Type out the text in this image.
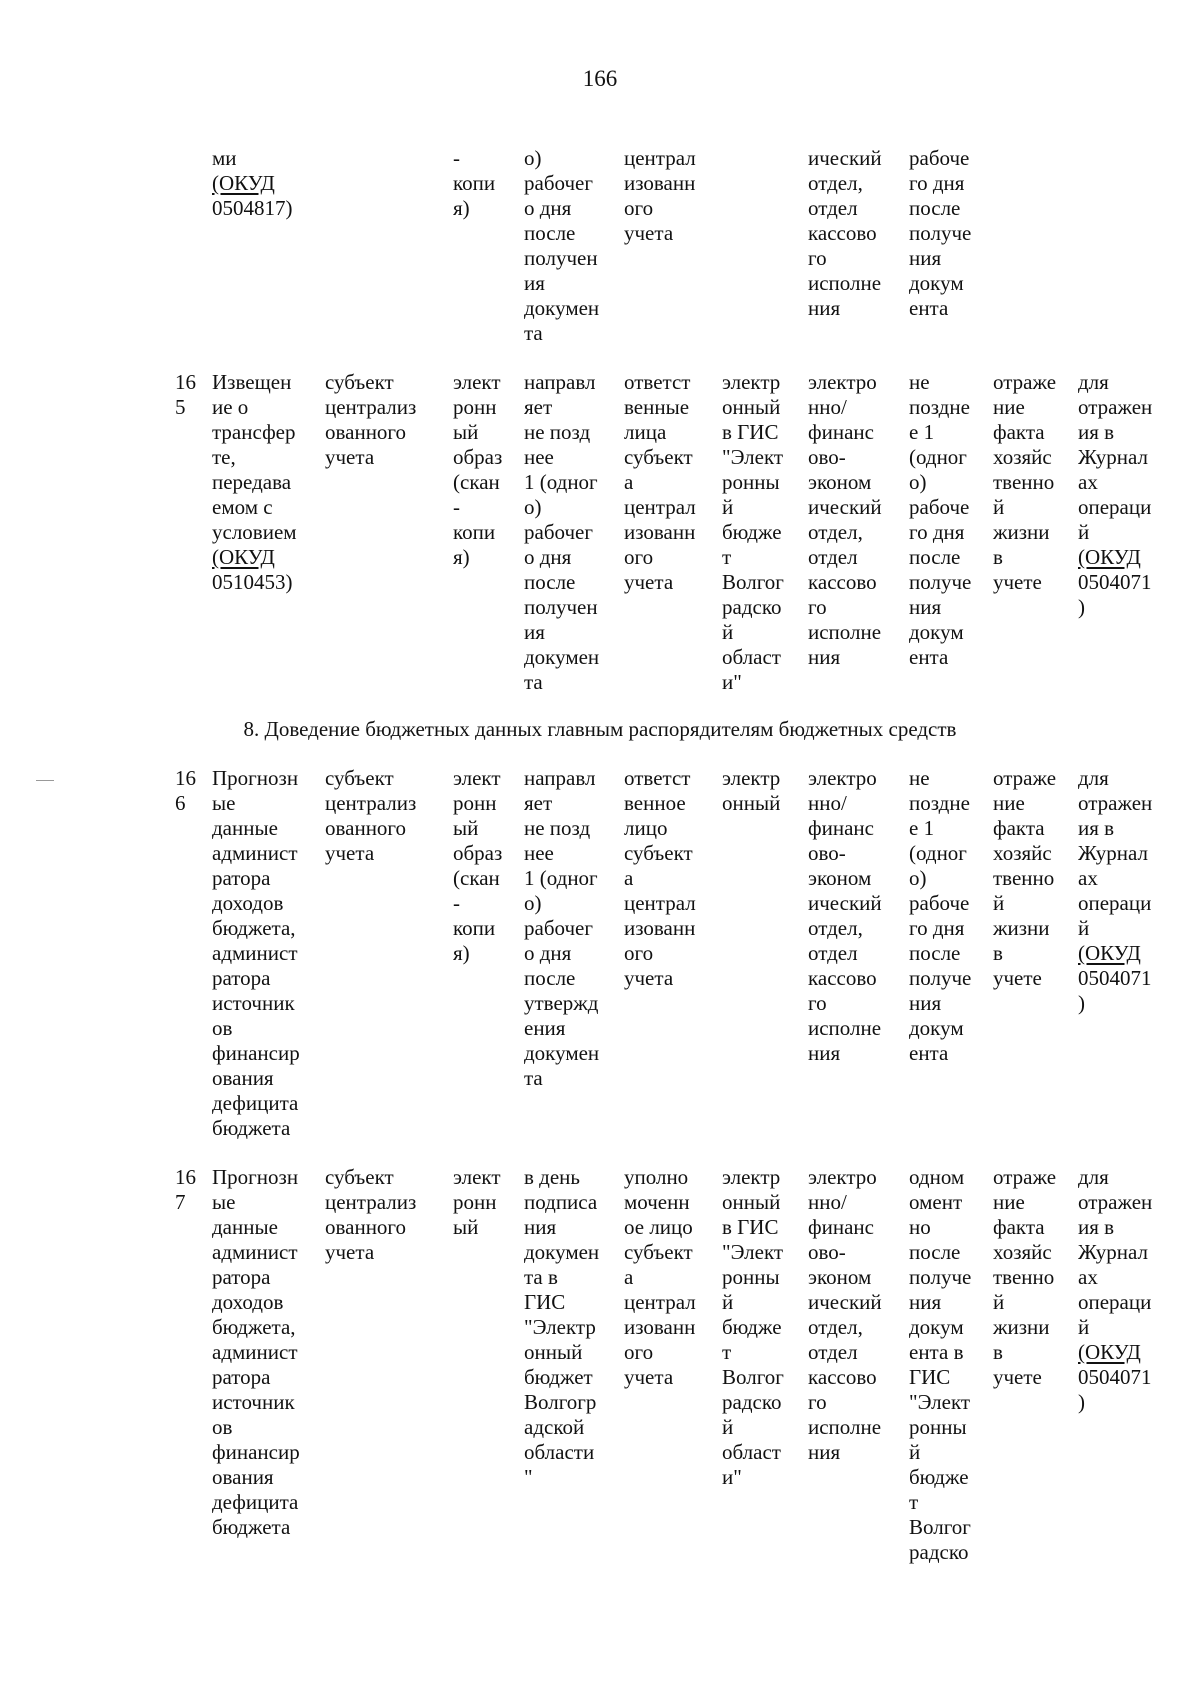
166
ми
(ОКУД
0504817)
-
копи
я)
о)
рабочег
о дня
после
получен
ия
докумен
та
централ
изованн
ого
учета
ический
отдел,
отдел
кассово
го
исполне
ния
рабоче
го дня
после
получе
ния
докум
ента
16
5
Извещен
ие о
трансфер
те,
передава
емом с
условием
(ОКУД
0510453)
субъект
централиз
ованного
учета
элект
ронн
ый
образ
(скан
-
копи
я)
направл
яет
не позд
нее
1 (одног
о)
рабочег
о дня
после
получен
ия
докумен
та
ответст
венные
лица
субъект
а
централ
изованн
ого
учета
электр
онный
в ГИС
"Элект
ронны
й
бюдже
т
Волгог
радско
й
област
и"
электро
нно/
финанс
ово-
эконом
ический
отдел,
отдел
кассово
го
исполне
ния
не
поздне
е 1
(одног
о)
рабоче
го дня
после
получе
ния
докум
ента
отраже
ние
факта
хозяйс
твенно
й
жизни
в
учете
для
отражен
ия в
Журнал
ах
операци
й
(ОКУД
0504071
)
8. Доведение бюджетных данных главным распорядителям бюджетных средств
16
6
Прогнозн
ые
данные
админист
ратора
доходов
бюджета,
админист
ратора
источник
ов
финансир
ования
дефицита
бюджета
субъект
централиз
ованного
учета
элект
ронн
ый
образ
(скан
-
копи
я)
направл
яет
не позд
нее
1 (одног
о)
рабочег
о дня
после
утвержд
ения
докумен
та
ответст
венное
лицо
субъект
а
централ
изованн
ого
учета
электр
онный
электро
нно/
финанс
ово-
эконом
ический
отдел,
отдел
кассово
го
исполне
ния
не
поздне
е 1
(одног
о)
рабоче
го дня
после
получе
ния
докум
ента
отраже
ние
факта
хозяйс
твенно
й
жизни
в
учете
для
отражен
ия в
Журнал
ах
операци
й
(ОКУД
0504071
)
16
7
Прогнозн
ые
данные
админист
ратора
доходов
бюджета,
админист
ратора
источник
ов
финансир
ования
дефицита
бюджета
субъект
централиз
ованного
учета
элект
ронн
ый
в день
подписа
ния
докумен
та в
ГИС
"Электр
онный
бюджет
Волгогр
адской
области
"
уполно
моченн
ое лицо
субъект
а
централ
изованн
ого
учета
электр
онный
в ГИС
"Элект
ронны
й
бюдже
т
Волгог
радско
й
област
и"
электро
нно/
финанс
ово-
эконом
ический
отдел,
отдел
кассово
го
исполне
ния
одном
омент
но
после
получе
ния
докум
ента в
ГИС
"Элект
ронны
й
бюдже
т
Волгог
радско
отраже
ние
факта
хозяйс
твенно
й
жизни
в
учете
для
отражен
ия в
Журнал
ах
операци
й
(ОКУД
0504071
)
